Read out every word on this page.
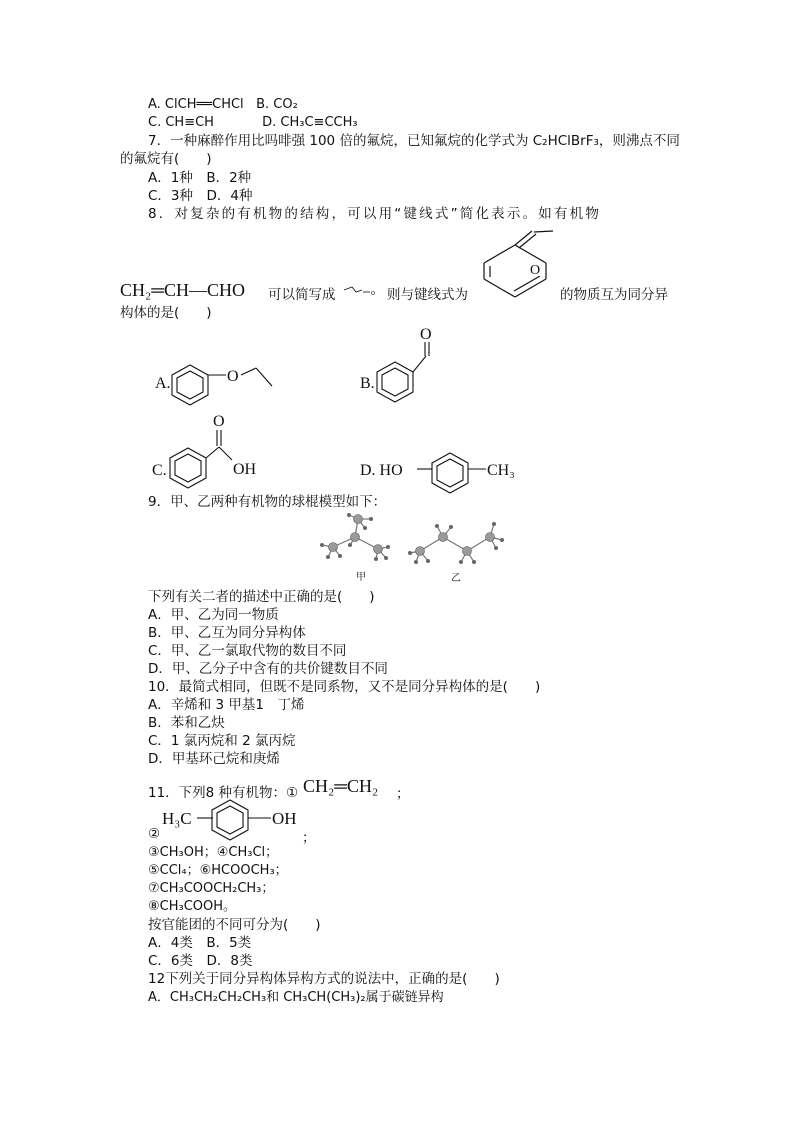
A. ClCH══CHCl B. CO₂
C. CH≡CH	D. CH₃C≡CCH₃
7．一种麻醉作用比吗啡强 100 倍的氟烷，已知氟烷的化学式为 C₂HClBrF₃，则沸点不同
的氟烷有(　　)
A．1种　B．2种
C．3种　D．4种
8．对复杂的有机物的结构，可以用“键线式”简化表示。如有机物
CH₂═CH—CHO 可以简写成	o 则与键线式为
O
的物质互为同分异
构体的是(　　)
A.	O	B.
O
C.
O
OH	D. HO	CH₃
9．甲、乙两种有机物的球棍模型如下：
甲	乙
下列有关二者的描述中正确的是(　　)
A．甲、乙为同一物质
B．甲、乙互为同分异构体
C．甲、乙一氯取代物的数目不同
D．甲、乙分子中含有的共价键数目不同
10．最简式相同，但既不是同系物，又不是同分异构体的是(　　)
A．辛烯和 3 甲基1　丁烯
B．苯和乙炔
C．1 氯丙烷和 2 氯丙烷
D．甲基环己烷和庚烯
11．下列8 种有机物：① CH₂═CH₂ ；
②
H₃C	OH
；
③CH₃OH；④CH₃Cl；
⑤CCl₄；⑥HCOOCH₃；
⑦CH₃COOCH₂CH₃；
⑧CH₃COOH。
按官能团的不同可分为(　　)
A．4类　B．5类
C．6类　D．8类
12下列关于同分异构体异构方式的说法中，正确的是(　　)
A．CH₃CH₂CH₂CH₃和 CH₃CH(CH₃)₂属于碳链异构
